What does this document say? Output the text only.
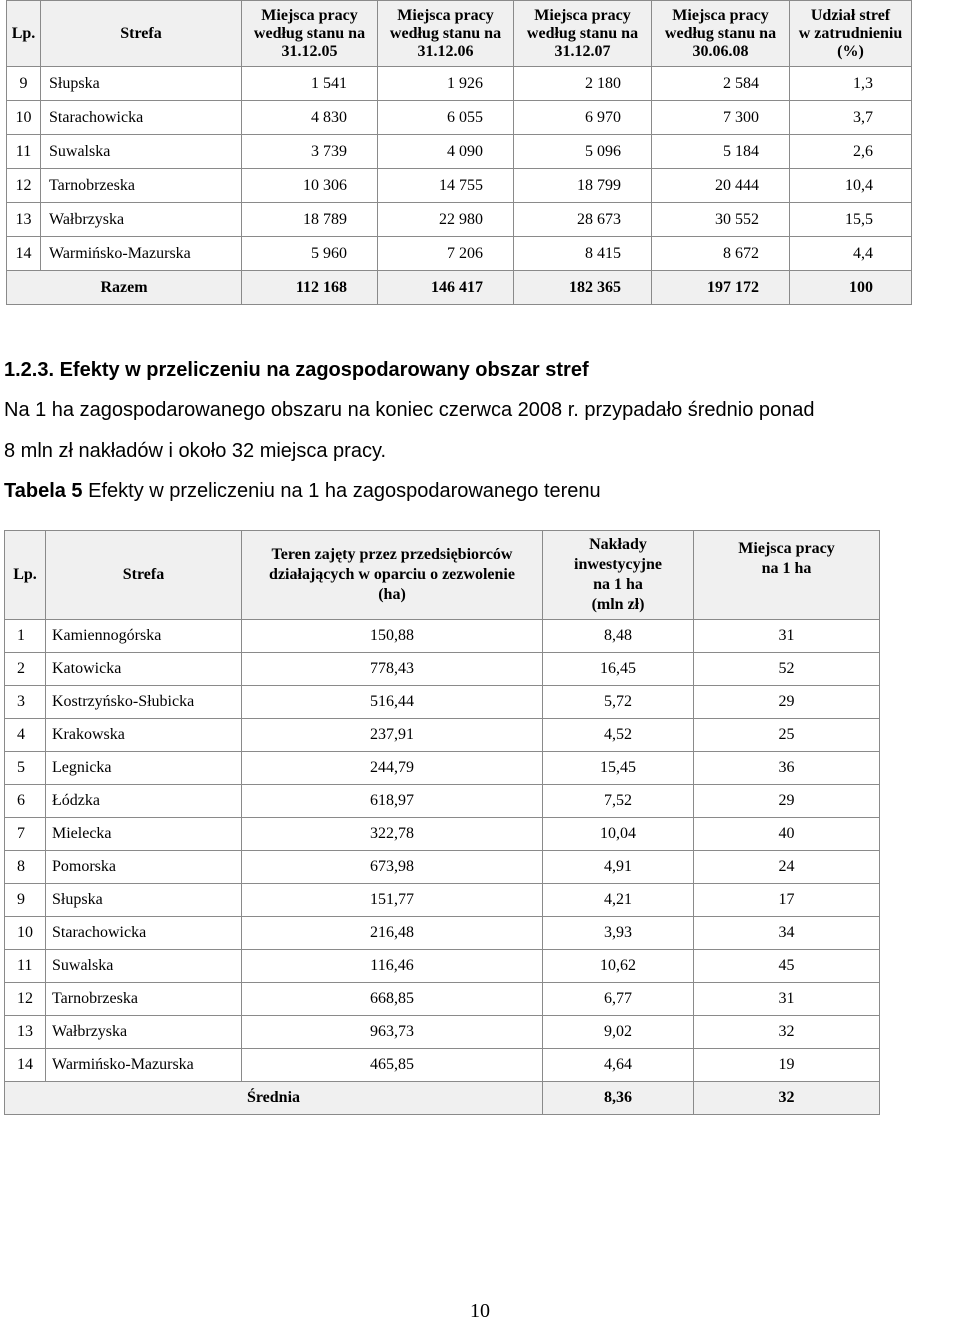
Lp.	Strefa	Miejsca pracy
według stanu na
31.12.05	Miejsca pracy
według stanu na
31.12.06	Miejsca pracy
według stanu na
31.12.07	Miejsca pracy
według stanu na
30.06.08	Udział stref
w zatrudnieniu
(%)
9	Słupska	1 541	1 926	2 180	2 584	1,3
10	Starachowicka	4 830	6 055	6 970	7 300	3,7
11	Suwalska	3 739	4 090	5 096	5 184	2,6
12	Tarnobrzeska	10 306	14 755	18 799	20 444	10,4
13	Wałbrzyska	18 789	22 980	28 673	30 552	15,5
14	Warmińsko-Mazurska	5 960	7 206	8 415	8 672	4,4
Razem		112 168	146 417	182 365	197 172	100
1.2.3. Efekty w przeliczeniu na zagospodarowany obszar stref
Na 1 ha zagospodarowanego obszaru na koniec czerwca 2008 r. przypadało średnio ponad
8 mln zł nakładów i około 32 miejsca pracy.
Tabela 5 Efekty w przeliczeniu na 1 ha zagospodarowanego terenu
Lp.	Strefa	Teren zajęty przez przedsiębiorców
działających w oparciu o zezwolenie
(ha)	Nakłady
inwestycyjne
na 1 ha
(mln zł)	Miejsca pracy
na 1 ha
1	Kamiennogórska	150,88	8,48	31
2	Katowicka	778,43	16,45	52
3	Kostrzyńsko-Słubicka	516,44	5,72	29
4	Krakowska	237,91	4,52	25
5	Legnicka	244,79	15,45	36
6	Łódzka	618,97	7,52	29
7	Mielecka	322,78	10,04	40
8	Pomorska	673,98	4,91	24
9	Słupska	151,77	4,21	17
10	Starachowicka	216,48	3,93	34
11	Suwalska	116,46	10,62	45
12	Tarnobrzeska	668,85	6,77	31
13	Wałbrzyska	963,73	9,02	32
14	Warmińsko-Mazurska	465,85	4,64	19
Średnia			8,36	32
10
